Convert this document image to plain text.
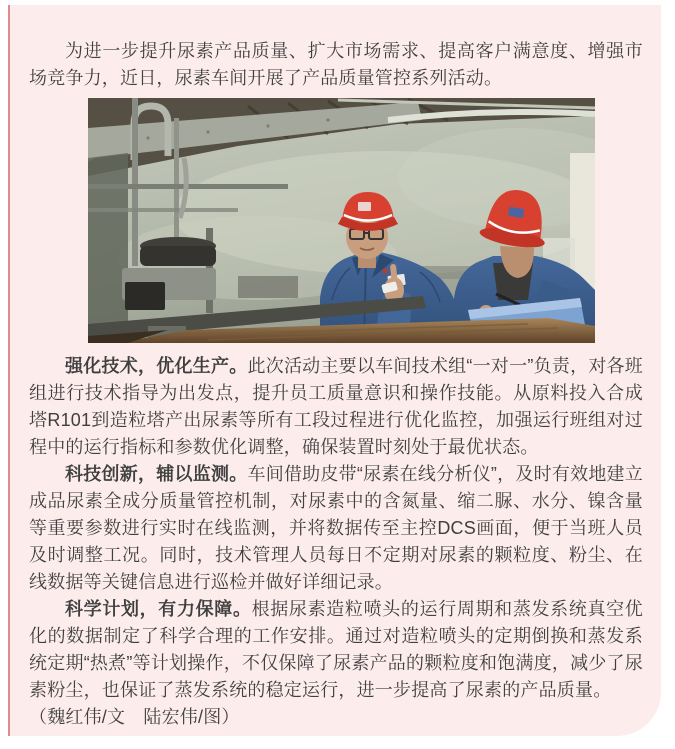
为进一步提升尿素产品质量、扩大市场需求、提高客户满意度、增强市场竞争力，近日，尿素车间开展了产品质量管控系列活动。

强化技术，优化生产。此次活动主要以车间技术组“一对一”负责，对各班组进行技术指导为出发点，提升员工质量意识和操作技能。从原料投入合成塔R101到造粒塔产出尿素等所有工段过程进行优化监控，加强运行班组对过程中的运行指标和参数优化调整，确保装置时刻处于最优状态。

科技创新，辅以监测。车间借助皮带“尿素在线分析仪”，及时有效地建立成品尿素全成分质量管控机制，对尿素中的含氮量、缩二脲、水分、镍含量等重要参数进行实时在线监测，并将数据传至主控DCS画面，便于当班人员及时调整工况。同时，技术管理人员每日不定期对尿素的颗粒度、粉尘、在线数据等关键信息进行巡检并做好详细记录。

科学计划，有力保障。根据尿素造粒喷头的运行周期和蒸发系统真空优化的数据制定了科学合理的工作安排。通过对造粒喷头的定期倒换和蒸发系统定期“热煮”等计划操作，不仅保障了尿素产品的颗粒度和饱满度，减少了尿素粉尘，也保证了蒸发系统的稳定运行，进一步提高了尿素的产品质量。

（魏红伟/文　陆宏伟/图）
